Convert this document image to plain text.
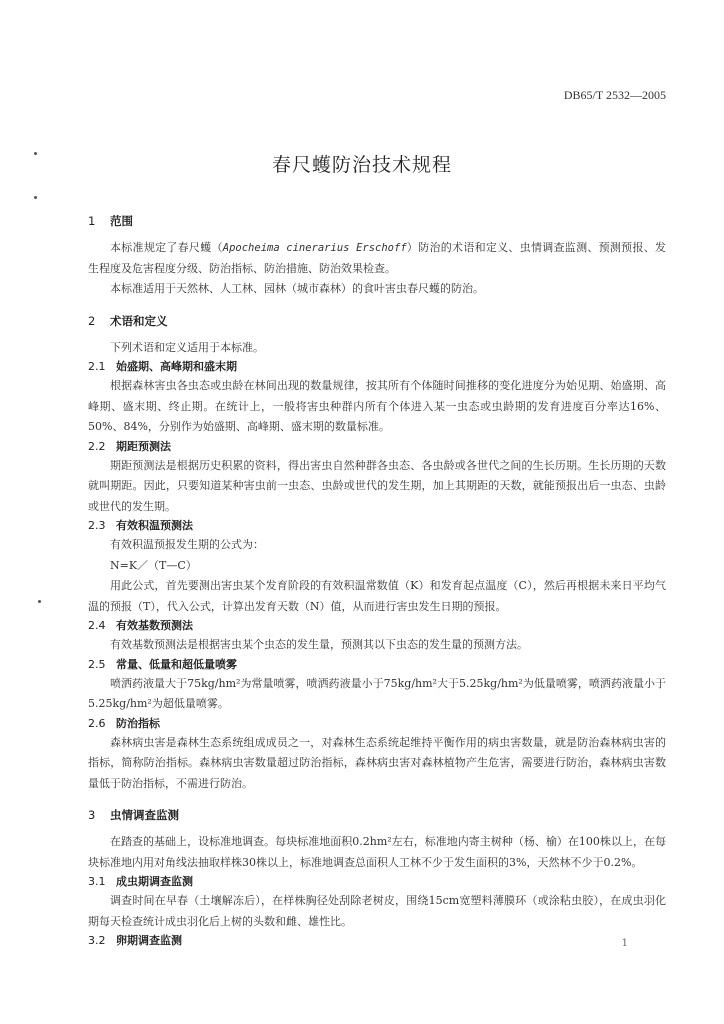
DB65/T 2532—2005
春尺蠖防治技术规程
1 范围

本标准规定了春尺蠖（Apocheima cinerarius Erschoff）防治的术语和定义、虫情调查监测、预测预报、发生程度及危害程度分级、防治指标、防治措施、防治效果检查。

本标准适用于天然林、人工林、园林（城市森林）的食叶害虫春尺蠖的防治。

2 术语和定义

下列术语和定义适用于本标准。

2.1 始盛期、高峰期和盛末期

根据森林害虫各虫态或虫龄在林间出现的数量规律，按其所有个体随时间推移的变化进度分为始见期、始盛期、高峰期、盛末期、终止期。在统计上，一般将害虫种群内所有个体进入某一虫态或虫龄期的发育进度百分率达16%、50%、84%，分别作为始盛期、高峰期、盛末期的数量标准。

2.2 期距预测法

期距预测法是根据历史积累的资料，得出害虫自然种群各虫态、各虫龄或各世代之间的生长历期。生长历期的天数就叫期距。因此，只要知道某种害虫前一虫态、虫龄或世代的发生期，加上其期距的天数，就能预报出后一虫态、虫龄或世代的发生期。

2.3 有效积温预测法

有效积温预报发生期的公式为：

N=K／（T—C）

用此公式，首先要测出害虫某个发育阶段的有效积温常数值（K）和发育起点温度（C），然后再根据未来日平均气温的预报（T），代入公式，计算出发育天数（N）值，从而进行害虫发生日期的预报。

2.4 有效基数预测法

有效基数预测法是根据害虫某个虫态的发生量，预测其以下虫态的发生量的预测方法。

2.5 常量、低量和超低量喷雾

喷洒药液量大于75kg/hm²为常量喷雾，喷洒药液量小于75kg/hm²大于5.25kg/hm²为低量喷雾，喷洒药液量小于5.25kg/hm²为超低量喷雾。

2.6 防治指标

森林病虫害是森林生态系统组成成员之一，对森林生态系统起维持平衡作用的病虫害数量，就是防治森林病虫害的指标，简称防治指标。森林病虫害数量超过防治指标，森林病虫害对森林植物产生危害，需要进行防治，森林病虫害数量低于防治指标，不需进行防治。

3 虫情调查监测

在踏查的基础上，设标准地调查。每块标准地面积0.2hm²左右，标准地内寄主树种（杨、榆）在100株以上，在每块标准地内用对角线法抽取样株30株以上，标准地调查总面积人工林不少于发生面积的3%，天然林不少于0.2%。

3.1 成虫期调查监测

调查时间在早春（土壤解冻后），在样株胸径处刮除老树皮，围绕15cm宽塑料薄膜环（或涂粘虫胶），在成虫羽化期每天检查统计成虫羽化后上树的头数和雌、雄性比。

3.2 卵期调查监测	1
